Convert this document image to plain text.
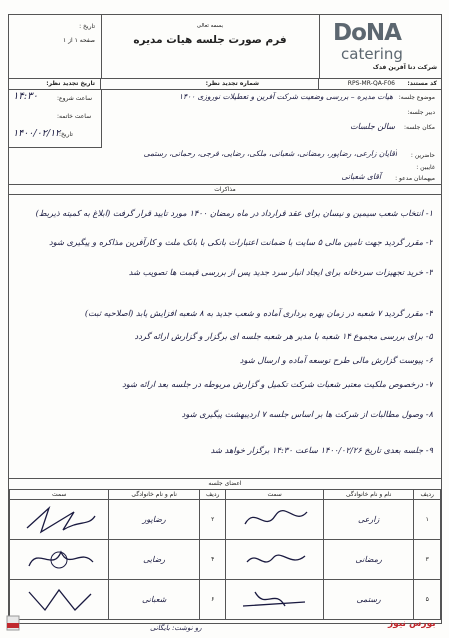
تاریخ :
صفحه ۱ از ۱
بسمه تعالی
فرم صورت جلسه هیات مدیره	DoNA
catering
شرکت دنا آفرین فدک
کد مستند:
RPS-MR-QA-F06
شماره تجدید نظر:
تاریخ تجدید نظر:
موضوع جلسه:
هیات مدیره – بررسی وضعیت شرکت آفرین و تعطیلات نوروزی ۱۴۰۰
ساعت شروع:
۱۴:۳۰
دبیر جلسه:
ساعت خاتمه:
مکان جلسه:
سالن جلسات
تاریخ:
۱۴۰۰/۰۲/۱۲
حاضرین :
آقایان زارعی، رضاپور، رمضانی، شعبانی، ملکی، رضایی، فرجی، رحمانی، رستمی
غایبین :
میهمانان مدعو :
آقای شعبانی
مذاکرات
۱- انتخاب شعب سیمین و نیسان برای عقد قرارداد در ماه رمضان ۱۴۰۰ مورد تایید قرار گرفت (ابلاغ به کمیته ذیربط)
۲- مقرر گردید جهت تامین مالی ۵ سایت با ضمانت اعتبارات بانکی با بانک ملت و کارآفرین مذاکره و پیگیری شود
۳- خرید تجهیزات سردخانه برای ایجاد انبار سرد جدید پس از بررسی قیمت ها تصویب شد
۴- مقرر گردید ۷ شعبه در زمان بهره برداری آماده و شعب جدید به ۸ شعبه افزایش یابد (اصلاحیه ثبت)
۵- برای بررسی مجموع ۱۴ شعبه با مدیر هر شعبه جلسه ای برگزار و گزارش ارائه گردد
۶- پیوست گزارش مالی طرح توسعه آماده و ارسال شود
۷- درخصوص ملکیت معتبر شعبات شرکت تکمیل و گزارش مربوطه در جلسه بعد ارائه شود
۸- وصول مطالبات از شرکت ها بر اساس جلسه ۷ اردیبهشت پیگیری شود
۹- جلسه بعدی تاریخ ۱۴۰۰/۰۲/۲۶ ساعت ۱۴:۳۰ برگزار خواهد شد
اعضای جلسه
ردیف	نام و نام خانوادگی	سمت	ردیف	نام و نام خانوادگی	سمت
۱	زارعی		۲	رضاپور	
۳	رمضانی		۴	رضایی	
۵	رستمی		۶	شعبانی	
رو نوشت: بایگانی	بورس نیوز
